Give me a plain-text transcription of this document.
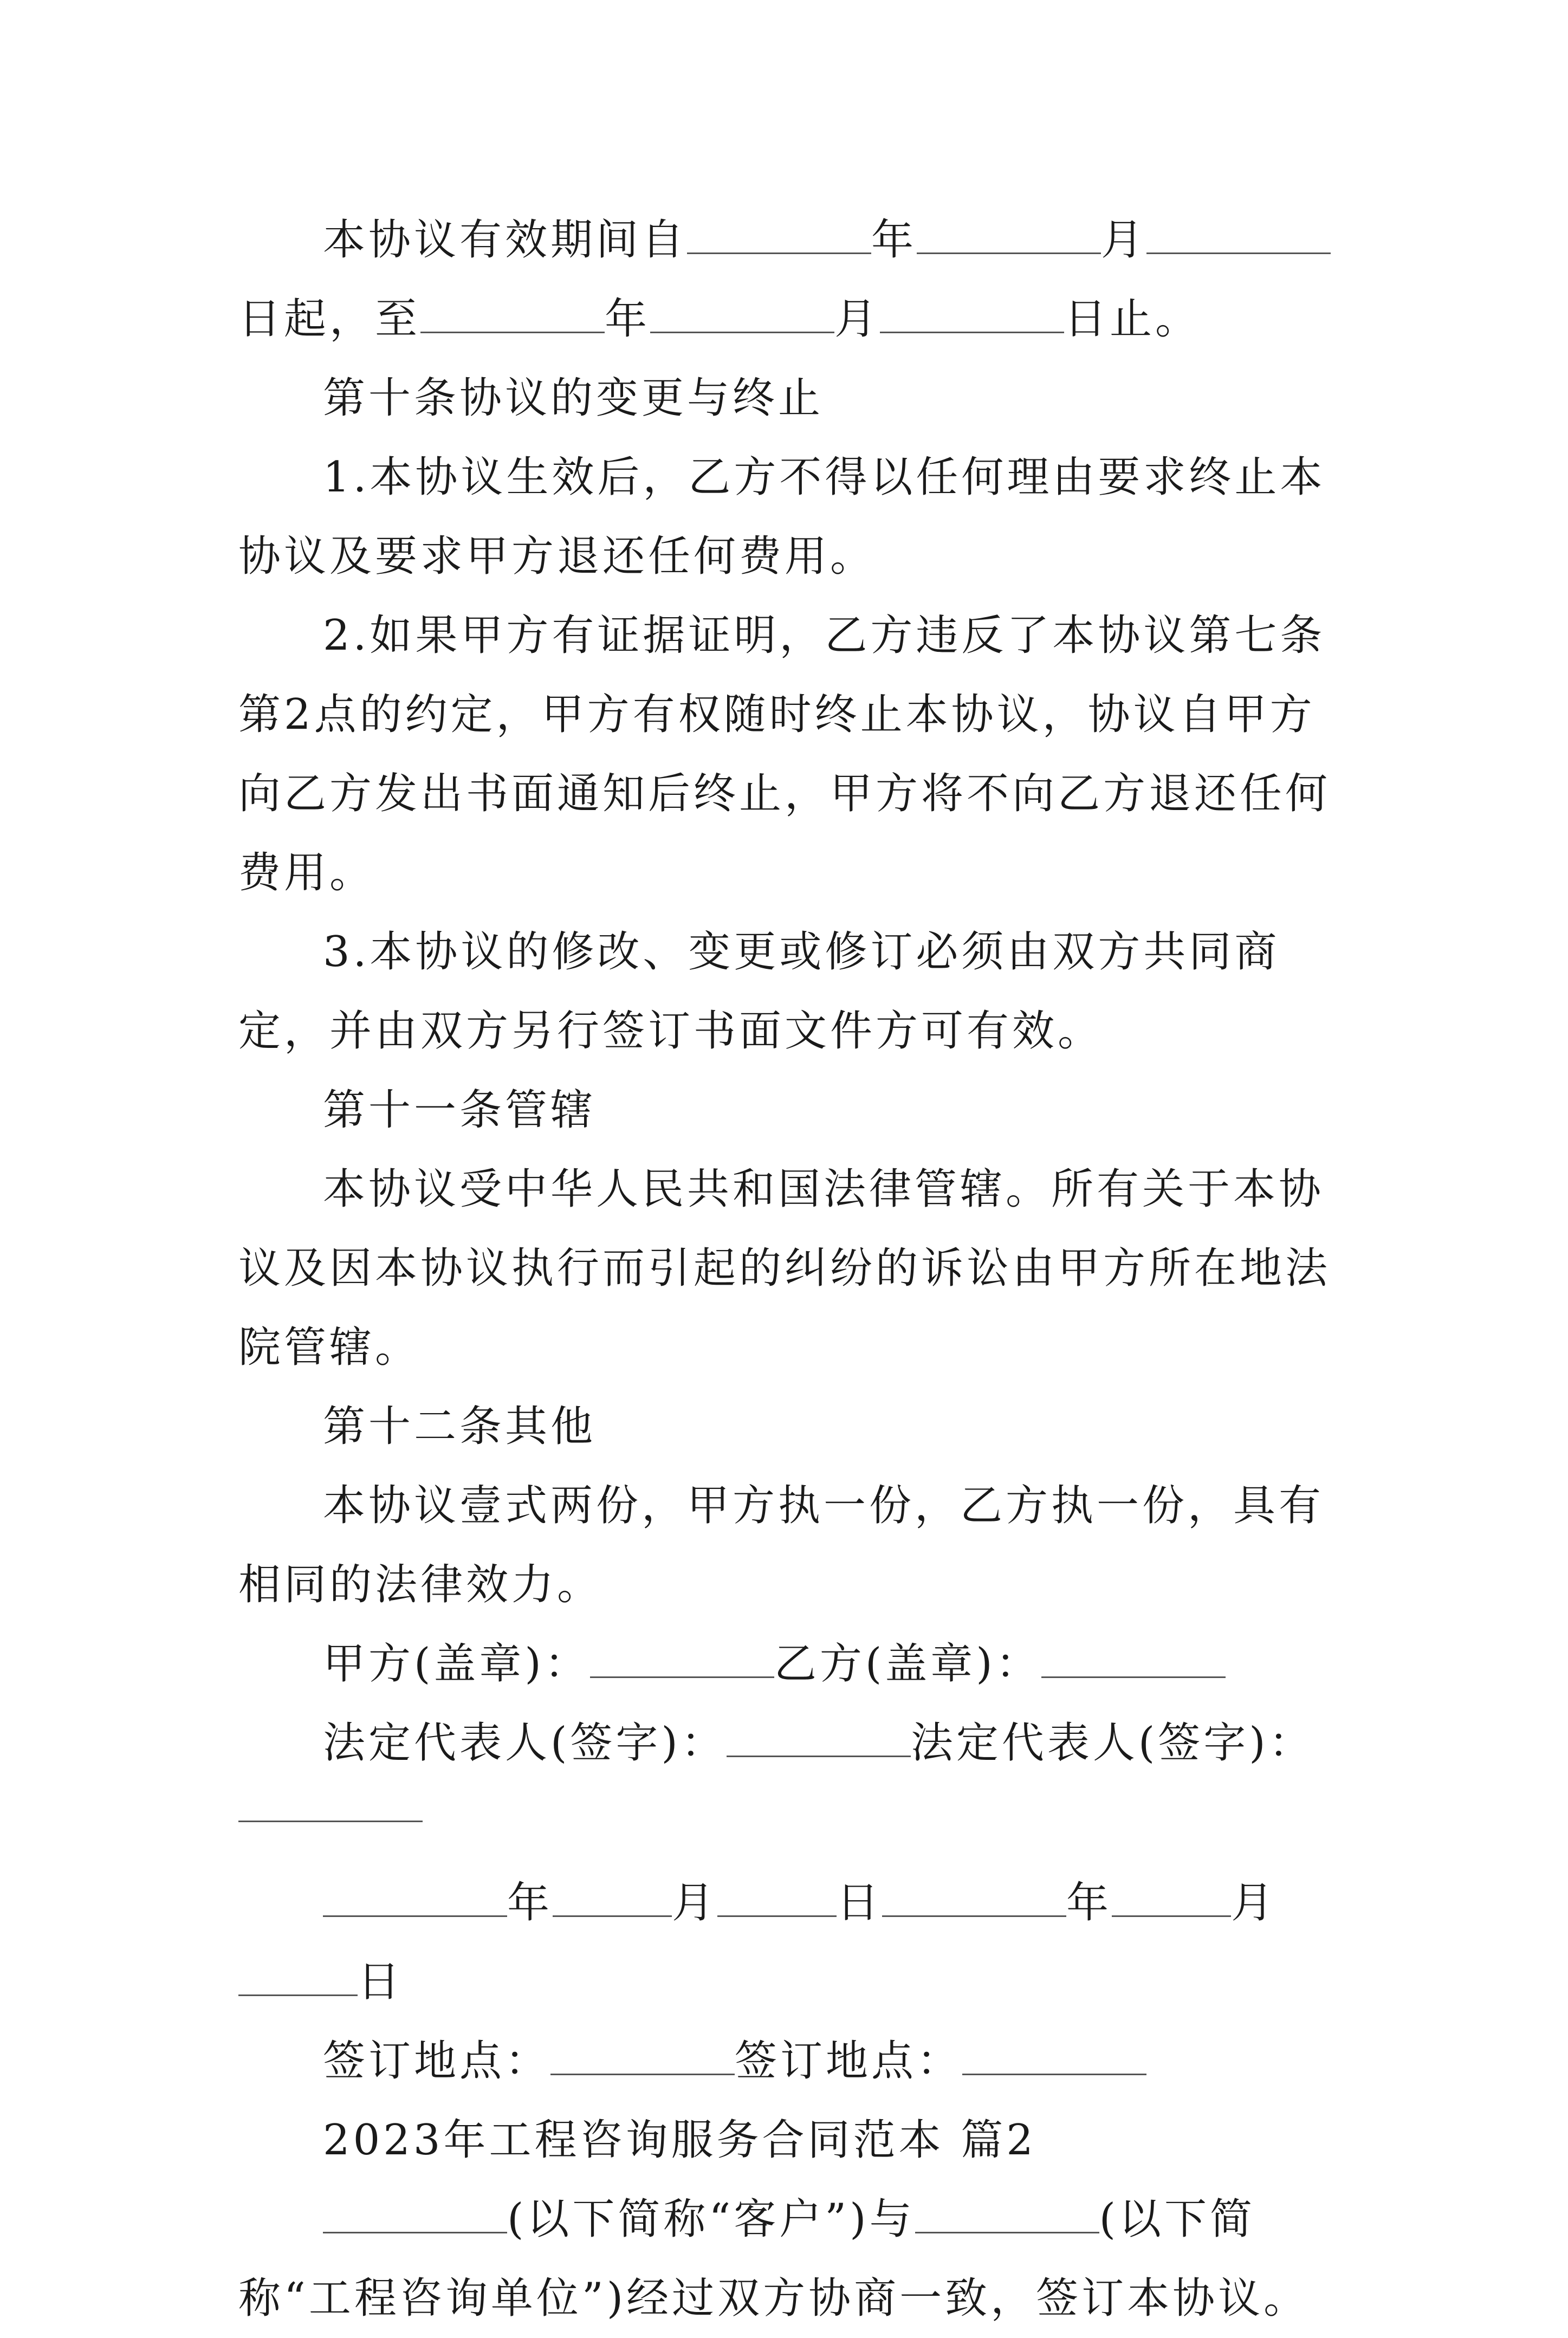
本协议有效期间自	年	月日起，至	年	月	日止。

第十条协议的变更与终止

1.本协议生效后，乙方不得以任何理由要求终止本协议及要求甲方退还任何费用。

2.如果甲方有证据证明，乙方违反了本协议第七条第2点的约定，甲方有权随时终止本协议，协议自甲方向乙方发出书面通知后终止，甲方将不向乙方退还任何费用。

3.本协议的修改、变更或修订必须由双方共同商定，并由双方另行签订书面文件方可有效。

第十一条管辖

本协议受中华人民共和国法律管辖。所有关于本协议及因本协议执行而引起的纠纷的诉讼由甲方所在地法院管辖。

第十二条其他

本协议壹式两份，甲方执一份，乙方执一份，具有相同的法律效力。

甲方(盖章)：	乙方(盖章)：

法定代表人(签字)：	法定代表人(签字)：

年	月	日	年	月日

签订地点：	签订地点：

2023年工程咨询服务合同范本 篇2

(以下简称“客户”)与	(以下简称“工程咨询单位”)经过双方协商一致，签订本协议。
